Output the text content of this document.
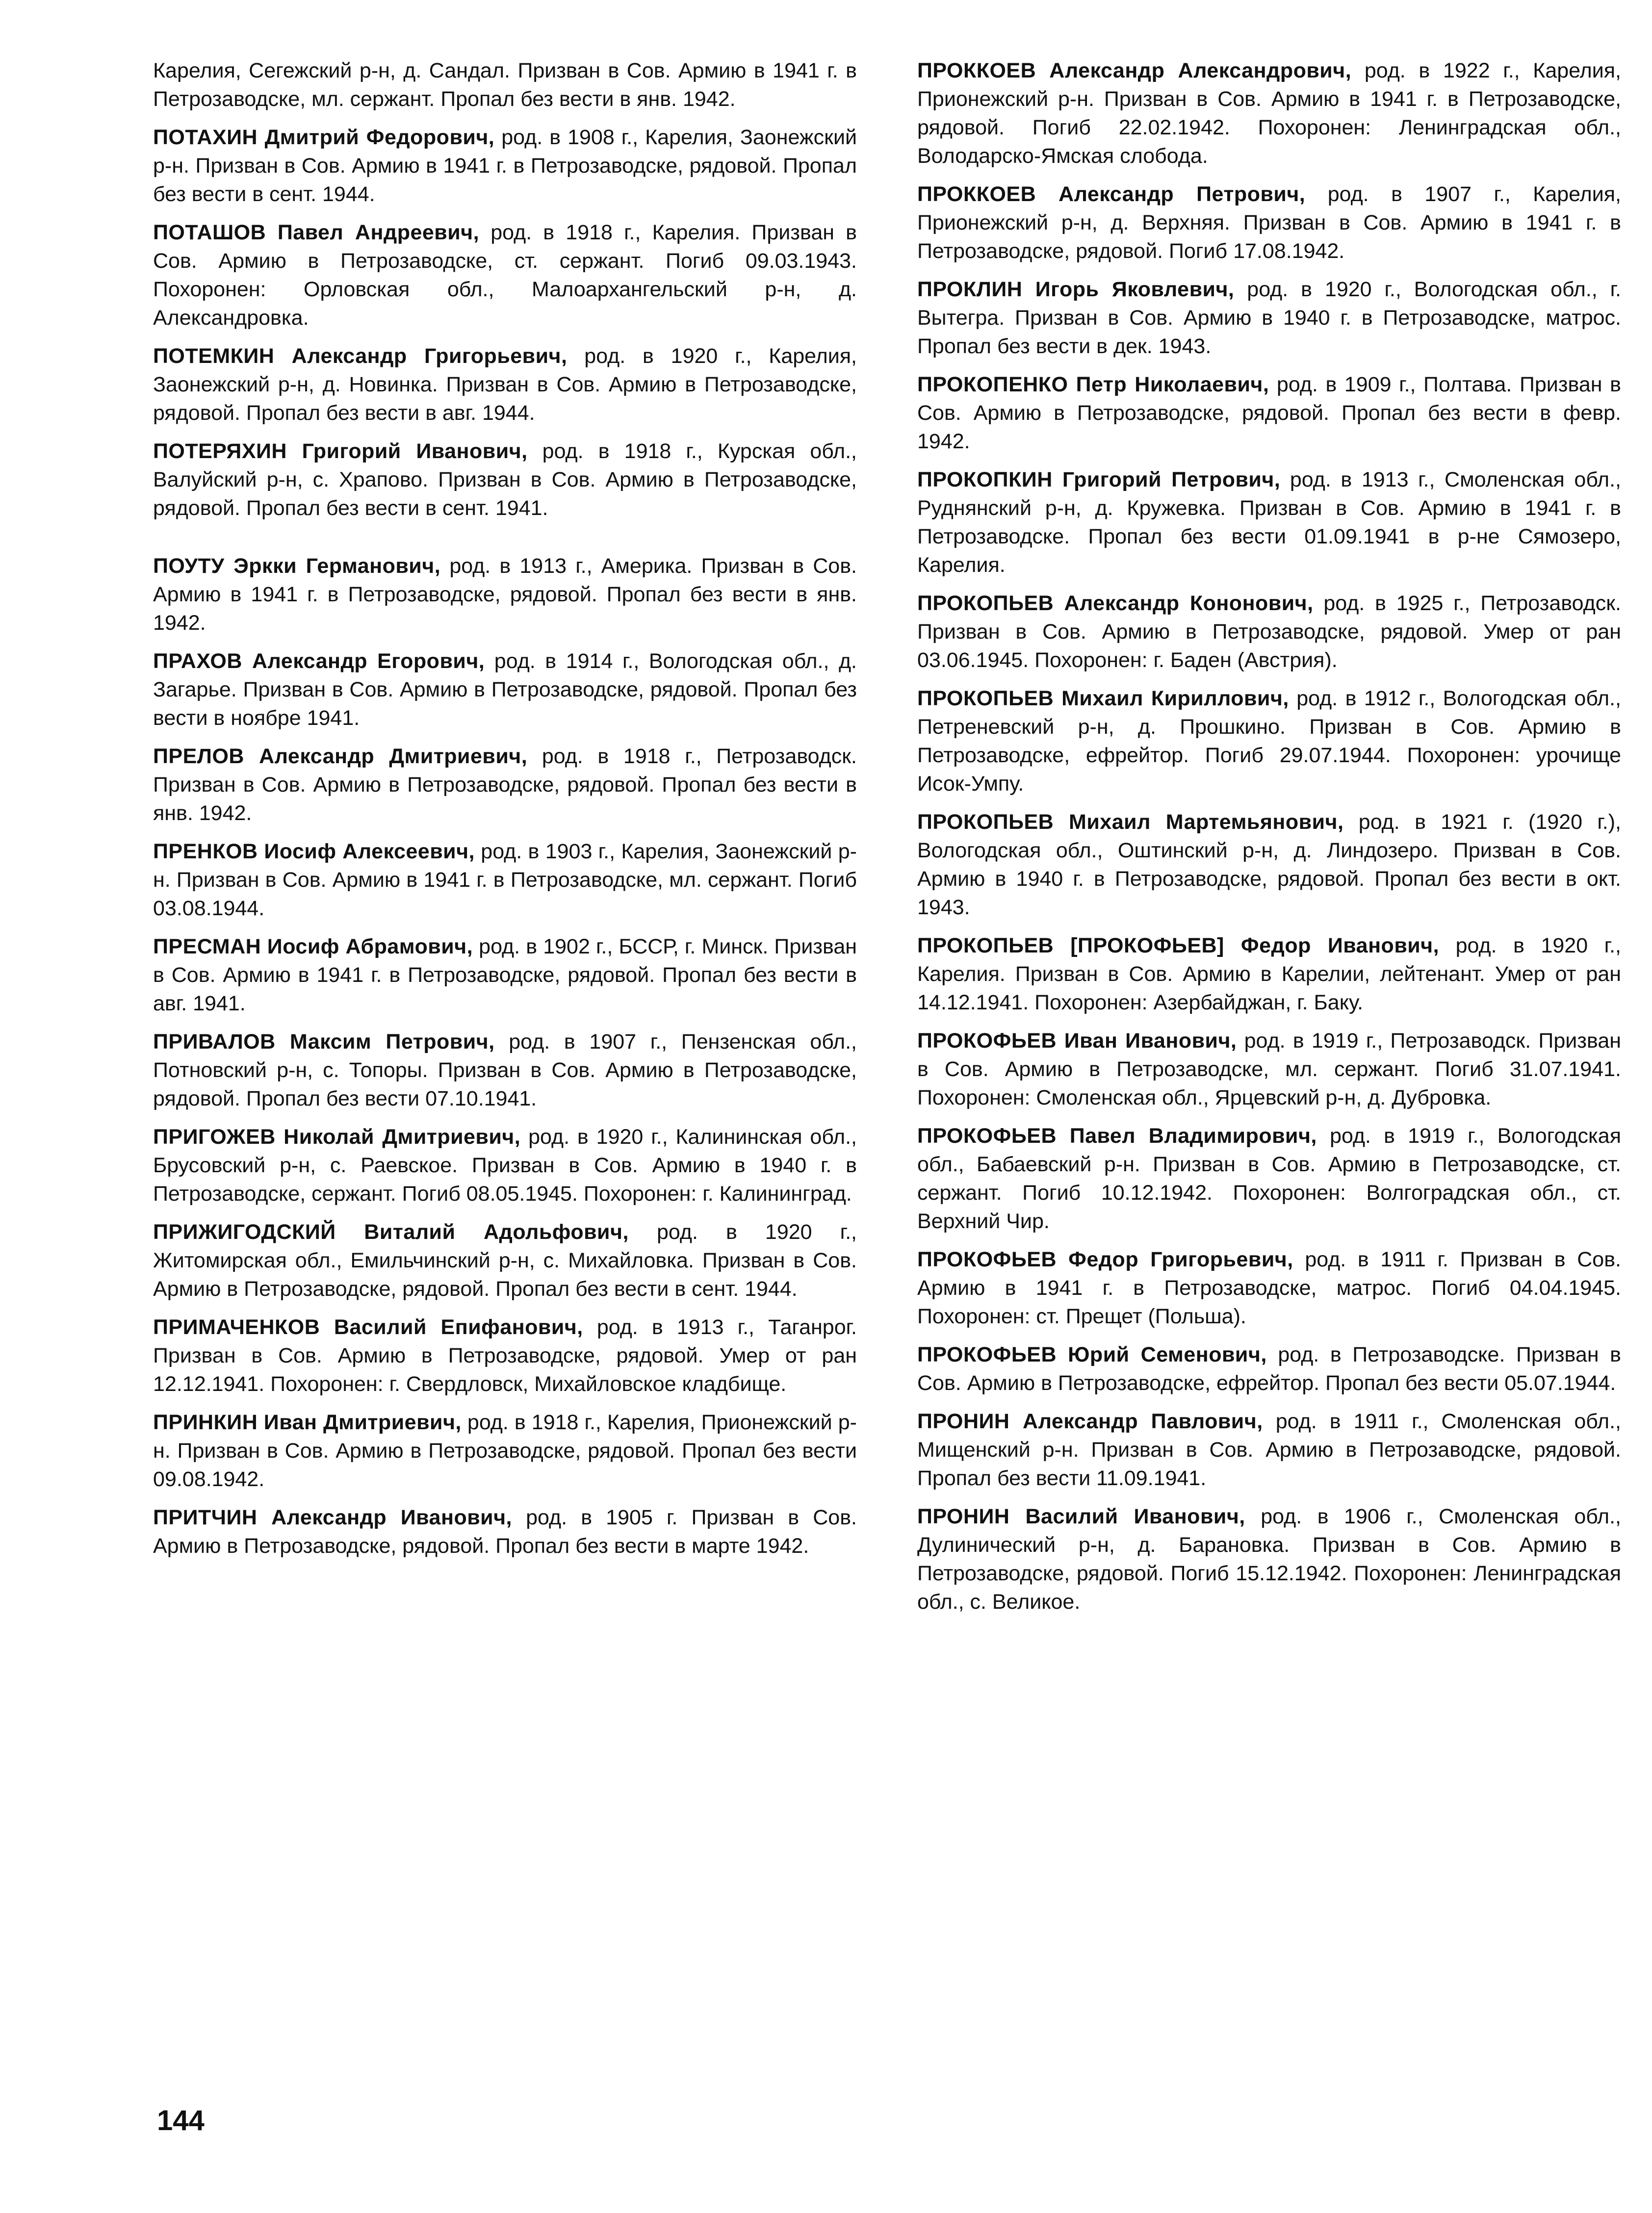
Карелия, Сегежский р-н, д. Сандал. Призван в Сов. Армию в 1941 г. в Петрозаводске, мл. сержант. Пропал без вести в янв. 1942.

ПОТАХИН Дмитрий Федорович, род. в 1908 г., Карелия, Заонежский р-н. Призван в Сов. Армию в 1941 г. в Петрозаводске, рядовой. Пропал без вести в сент. 1944.

ПОТАШОВ Павел Андреевич, род. в 1918 г., Карелия. Призван в Сов. Армию в Петрозаводске, ст. сержант. Погиб 09.03.1943. Похоронен: Орловская обл., Малоархангельский р-н, д. Александровка.

ПОТЕМКИН Александр Григорьевич, род. в 1920 г., Карелия, Заонежский р-н, д. Новинка. Призван в Сов. Армию в Петрозаводске, рядовой. Пропал без вести в авг. 1944.

ПОТЕРЯХИН Григорий Иванович, род. в 1918 г., Курская обл., Валуйский р-н, с. Храпово. Призван в Сов. Армию в Петрозаводске, рядовой. Пропал без вести в сент. 1941.

ПОУТУ Эркки Германович, род. в 1913 г., Америка. Призван в Сов. Армию в 1941 г. в Петрозаводске, рядовой. Пропал без вести в янв. 1942.

ПРАХОВ Александр Егорович, род. в 1914 г., Вологодская обл., д. Загарье. Призван в Сов. Армию в Петрозаводске, рядовой. Пропал без вести в ноябре 1941.

ПРЕЛОВ Александр Дмитриевич, род. в 1918 г., Петрозаводск. Призван в Сов. Армию в Петрозаводске, рядовой. Пропал без вести в янв. 1942.

ПРЕНКОВ Иосиф Алексеевич, род. в 1903 г., Карелия, Заонежский р-н. Призван в Сов. Армию в 1941 г. в Петрозаводске, мл. сержант. Погиб 03.08.1944.

ПРЕСМАН Иосиф Абрамович, род. в 1902 г., БССР, г. Минск. Призван в Сов. Армию в 1941 г. в Петрозаводске, рядовой. Пропал без вести в авг. 1941.

ПРИВАЛОВ Максим Петрович, род. в 1907 г., Пензенская обл., Потновский р-н, с. Топоры. Призван в Сов. Армию в Петрозаводске, рядовой. Пропал без вести 07.10.1941.

ПРИГОЖЕВ Николай Дмитриевич, род. в 1920 г., Калининская обл., Брусовский р-н, с. Раевское. Призван в Сов. Армию в 1940 г. в Петрозаводске, сержант. Погиб 08.05.1945. Похоронен: г. Калининград.

ПРИЖИГОДСКИЙ Виталий Адольфович, род. в 1920 г., Житомирская обл., Емильчинский р-н, с. Михайловка. Призван в Сов. Армию в Петрозаводске, рядовой. Пропал без вести в сент. 1944.

ПРИМАЧЕНКОВ Василий Епифанович, род. в 1913 г., Таганрог. Призван в Сов. Армию в Петрозаводске, рядовой. Умер от ран 12.12.1941. Похоронен: г. Свердловск, Михайловское кладбище.

ПРИНКИН Иван Дмитриевич, род. в 1918 г., Карелия, Прионежский р-н. Призван в Сов. Армию в Петрозаводске, рядовой. Пропал без вести 09.08.1942.

ПРИТЧИН Александр Иванович, род. в 1905 г. Призван в Сов. Армию в Петрозаводске, рядовой. Пропал без вести в марте 1942.

ПРОККОЕВ Александр Александрович, род. в 1922 г., Карелия, Прионежский р-н. Призван в Сов. Армию в 1941 г. в Петрозаводске, рядовой. Погиб 22.02.1942. Похоронен: Ленинградская обл., Володарско-Ямская слобода.

ПРОККОЕВ Александр Петрович, род. в 1907 г., Карелия, Прионежский р-н, д. Верхняя. Призван в Сов. Армию в 1941 г. в Петрозаводске, рядовой. Погиб 17.08.1942.

ПРОКЛИН Игорь Яковлевич, род. в 1920 г., Вологодская обл., г. Вытегра. Призван в Сов. Армию в 1940 г. в Петрозаводске, матрос. Пропал без вести в дек. 1943.

ПРОКОПЕНКО Петр Николаевич, род. в 1909 г., Полтава. Призван в Сов. Армию в Петрозаводске, рядовой. Пропал без вести в февр. 1942.

ПРОКОПКИН Григорий Петрович, род. в 1913 г., Смоленская обл., Руднянский р-н, д. Кружевка. Призван в Сов. Армию в 1941 г. в Петрозаводске. Пропал без вести 01.09.1941 в р-не Сямозеро, Карелия.

ПРОКОПЬЕВ Александр Кононович, род. в 1925 г., Петрозаводск. Призван в Сов. Армию в Петрозаводске, рядовой. Умер от ран 03.06.1945. Похоронен: г. Баден (Австрия).

ПРОКОПЬЕВ Михаил Кириллович, род. в 1912 г., Вологодская обл., Петреневский р-н, д. Прошкино. Призван в Сов. Армию в Петрозаводске, ефрейтор. Погиб 29.07.1944. Похоронен: урочище Исок-Умпу.

ПРОКОПЬЕВ Михаил Мартемьянович, род. в 1921 г. (1920 г.), Вологодская обл., Оштинский р-н, д. Линдозеро. Призван в Сов. Армию в 1940 г. в Петрозаводске, рядовой. Пропал без вести в окт. 1943.

ПРОКОПЬЕВ [ПРОКОФЬЕВ] Федор Иванович, род. в 1920 г., Карелия. Призван в Сов. Армию в Карелии, лейтенант. Умер от ран 14.12.1941. Похоронен: Азербайджан, г. Баку.

ПРОКОФЬЕВ Иван Иванович, род. в 1919 г., Петрозаводск. Призван в Сов. Армию в Петрозаводске, мл. сержант. Погиб 31.07.1941. Похоронен: Смоленская обл., Ярцевский р-н, д. Дубровка.

ПРОКОФЬЕВ Павел Владимирович, род. в 1919 г., Вологодская обл., Бабаевский р-н. Призван в Сов. Армию в Петрозаводске, ст. сержант. Погиб 10.12.1942. Похоронен: Волгоградская обл., ст. Верхний Чир.

ПРОКОФЬЕВ Федор Григорьевич, род. в 1911 г. Призван в Сов. Армию в 1941 г. в Петрозаводске, матрос. Погиб 04.04.1945. Похоронен: ст. Прещет (Польша).

ПРОКОФЬЕВ Юрий Семенович, род. в Петрозаводске. Призван в Сов. Армию в Петрозаводске, ефрейтор. Пропал без вести 05.07.1944.

ПРОНИН Александр Павлович, род. в 1911 г., Смоленская обл., Мищенский р-н. Призван в Сов. Армию в Петрозаводске, рядовой. Пропал без вести 11.09.1941.

ПРОНИН Василий Иванович, род. в 1906 г., Смоленская обл., Дулинический р-н, д. Барановка. Призван в Сов. Армию в Петрозаводске, рядовой. Погиб 15.12.1942. Похоронен: Ленинградская обл., с. Великое.

144
